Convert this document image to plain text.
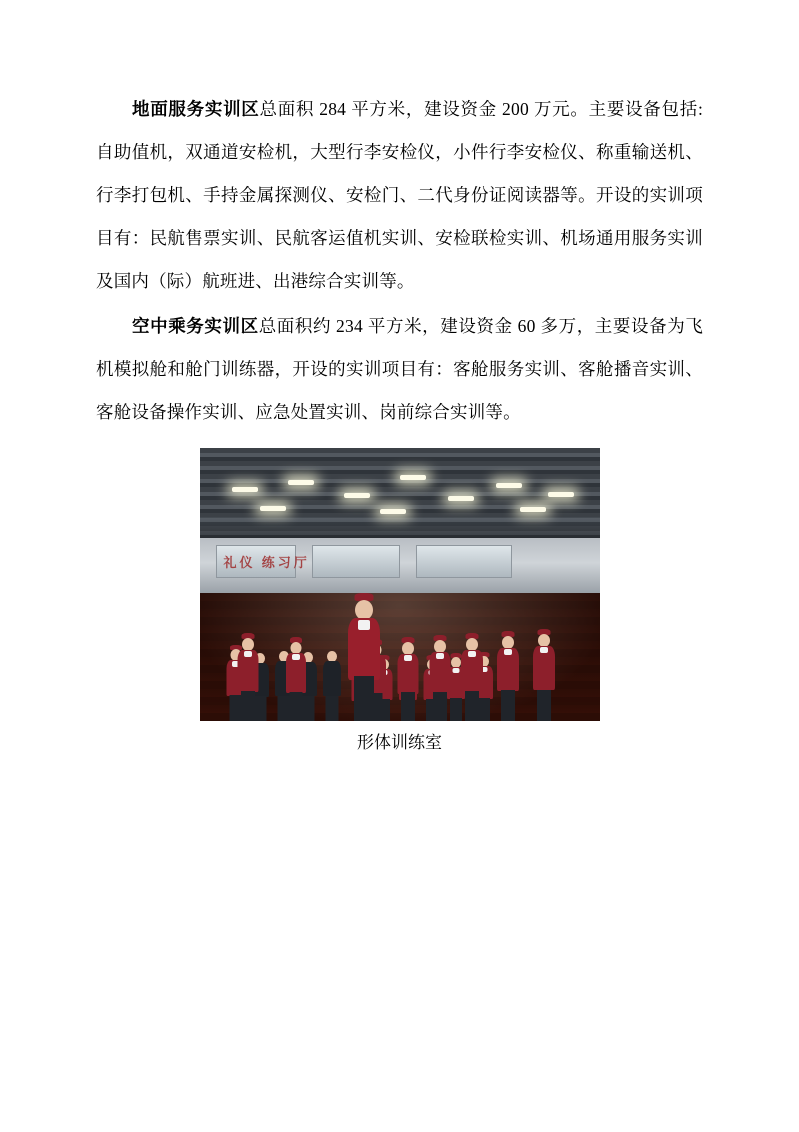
地面服务实训区总面积 284 平方米，建设资金 200 万元。主要设备包括:自助值机，双通道安检机，大型行李安检仪，小件行李安检仪、称重输送机、行李打包机、手持金属探测仪、安检门、二代身份证阅读器等。开设的实训项目有：民航售票实训、民航客运值机实训、安检联检实训、机场通用服务实训及国内（际）航班进、出港综合实训等。

空中乘务实训区总面积约 234 平方米，建设资金 60 多万，主要设备为飞机模拟舱和舱门训练器，开设的实训项目有：客舱服务实训、客舱播音实训、客舱设备操作实训、应急处置实训、岗前综合实训等。

礼仪 练习厅
形体训练室
